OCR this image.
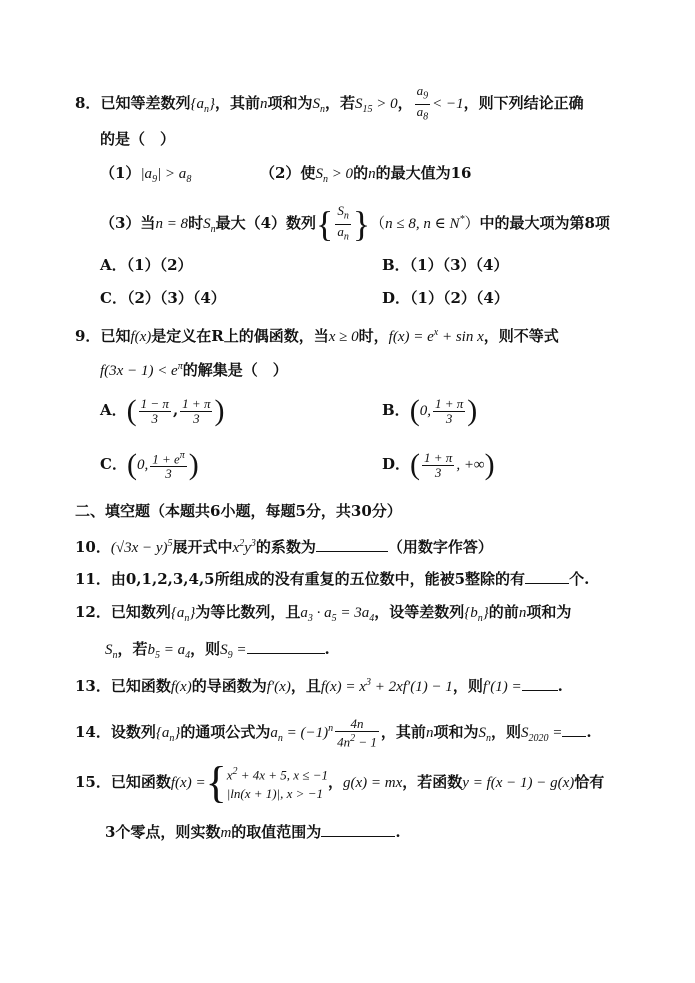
8．已知等差数列$\{a_n\}$，其前n项和为$S_n$，若$S_{15} > 0$， $\frac{a_9}{a_8} < -1$，则下列结论正确
的是（　）
$(1)|a_9| > a_8$	（2）使$S_n > 0$的n的最大值为16
（3）当n = 8时$S_n$最大（4）数列{ $\frac{S_n}{a_n} \}(n \le 8$, n ∈ N*）中的最大项为第8项
A．（1）（2）	B．（1）（3）（4）
C．（2）（3）（4）	D．（1）（2）（4）
9．已知f(x)是定义在R上的偶函数，当x ≥ 0时，$f(x) = e^x + \sin x$，则不等式
$f(3x - 1) < e^\pi$的解集是（　）
A．( $\frac{1 - \pi}{3}$ , $\frac{1 + \pi}{3}$ )	B．(0, $\frac{1 + \pi}{3}$ )
C．(0, $\frac{1 + e^\pi}{3}$ )	D．( $\frac{1 + \pi}{3}$ , +∞)
二、填空题（本题共6小题，每题5分，共30分）
10．$(√3x - y)^5$展开式中$x^2y^3$的系数为	（用数字作答）
11．由0,1,2,3,4,5所组成的没有重复的五位数中，能被5整除的有	个.
12．已知数列$\{a_n\}$为等比数列，且$a_3 \cdot a_5 = 3a_4$，设等差数列$\{b_n\}$的前n项和为
$S_n$，若$b_5 = a_4$，则$S_9$ =	.
13．已知函数f(x)的导函数为f′(x)，且$f(x) = x^3 + 2xf'(1) - 1$，则f′(1) = .
14．设数列$\{a_n\}$的通项公式为$a_n = (-1)^n \frac{4n}{4n^2 - 1}$ ，其前n项和为$S_n$，则$S_{2020}$ = .
15．已知函数f(x) ={ $x^2 + 4x + 5$, x ≤ −1
|ln(x + 1)|, x > −1
，g(x) = mx，若函数y = f(x − 1) − g(x)恰有
3个零点，则实数m的取值范围为	.
